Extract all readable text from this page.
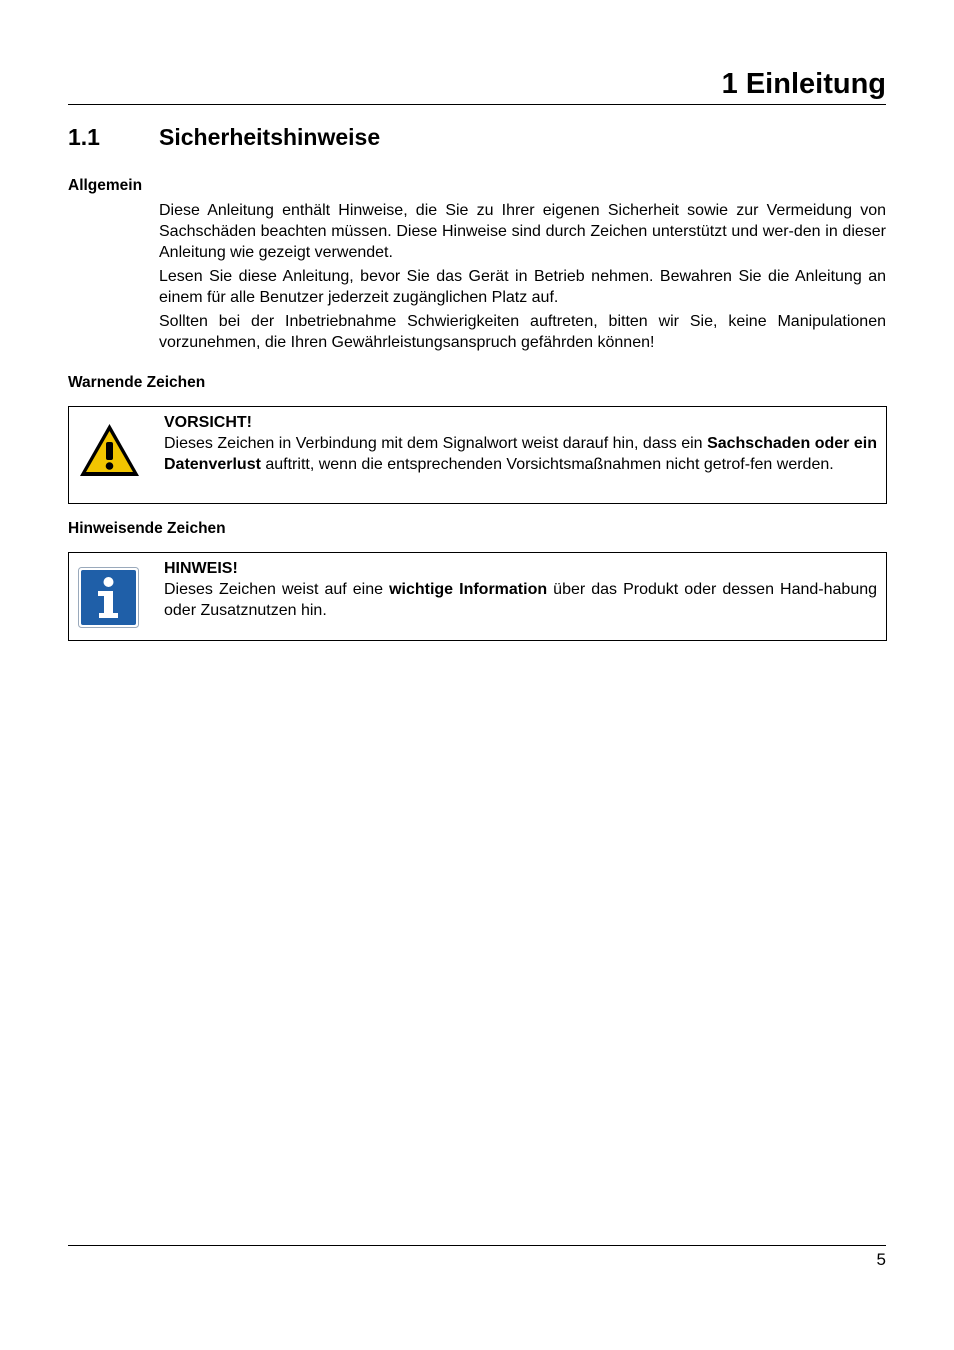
1 Einleitung
1.1	Sicherheitshinweise
Allgemein

Diese Anleitung enthält Hinweise, die Sie zu Ihrer eigenen Sicherheit sowie zur Vermeidung von Sachschäden beachten müssen. Diese Hinweise sind durch Zeichen unterstützt und wer-den in dieser Anleitung wie gezeigt verwendet.

Lesen Sie diese Anleitung, bevor Sie das Gerät in Betrieb nehmen. Bewahren Sie die Anleitung an einem für alle Benutzer jederzeit zugänglichen Platz auf.

Sollten bei der Inbetriebnahme Schwierigkeiten auftreten, bitten wir Sie, keine Manipulationen vorzunehmen, die Ihren Gewährleistungsanspruch gefährden können!

Warnende Zeichen
VORSICHT!
Dieses Zeichen in Verbindung mit dem Signalwort weist darauf hin, dass ein Sachschaden oder ein Datenverlust auftritt, wenn die entsprechenden Vorsichtsmaßnahmen nicht getrof-fen werden.
Hinweisende Zeichen
HINWEIS!
Dieses Zeichen weist auf eine wichtige Information über das Produkt oder dessen Hand-habung oder Zusatznutzen hin.
5
